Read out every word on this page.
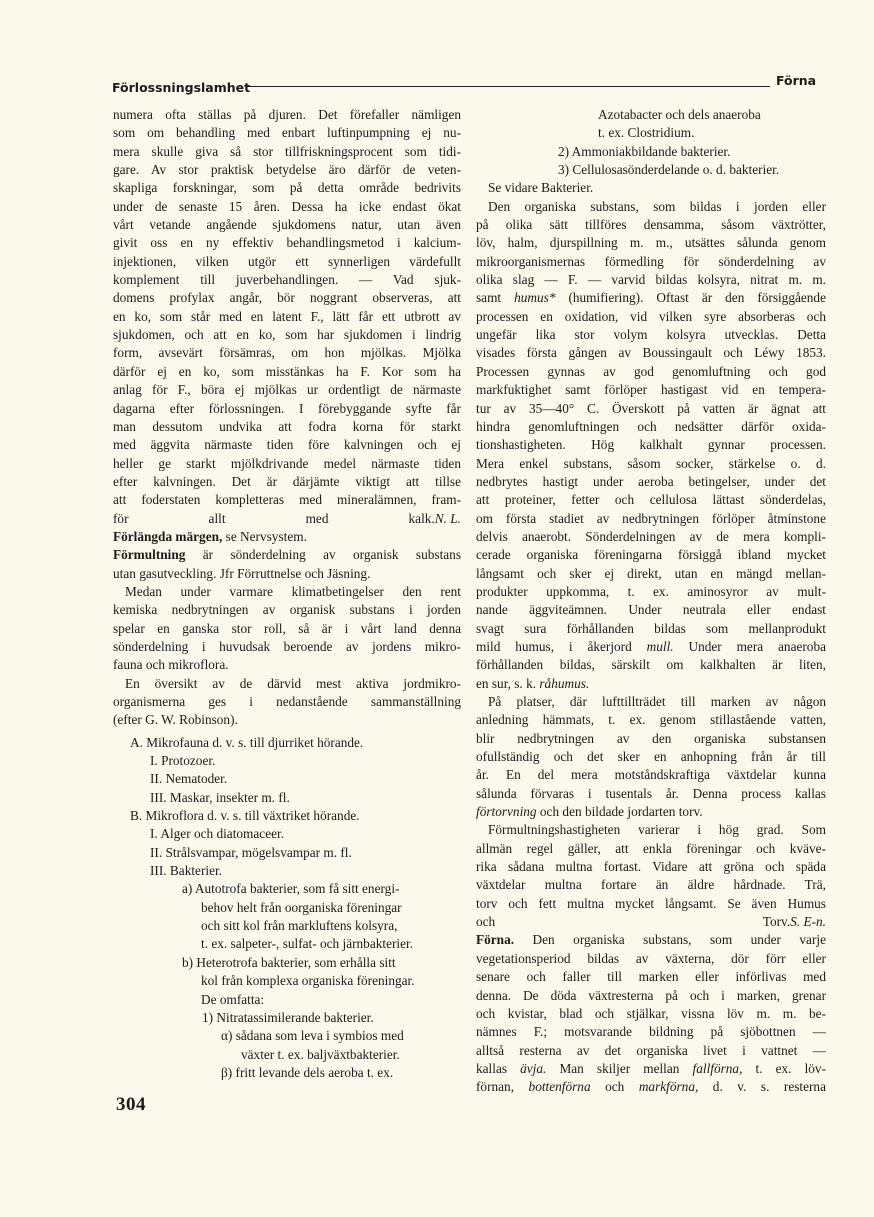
Förlossningslamhet	Förna
numera ofta ställas på djuren. Det förefaller nämligen
som om behandling med enbart luftinpumpning ej nu-
mera skulle giva så stor tillfriskningsprocent som tidi-
gare. Av stor praktisk betydelse äro därför de veten-
skapliga forskningar, som på detta område bedrivits
under de senaste 15 åren. Dessa ha icke endast ökat
vårt vetande angående sjukdomens natur, utan även
givit oss en ny effektiv behandlingsmetod i kalcium-
injektionen, vilken utgör ett synnerligen värdefullt
komplement till juverbehandlingen. — Vad sjuk-
domens profylax angår, bör noggrant observeras, att
en ko, som står med en latent F., lätt får ett utbrott av
sjukdomen, och att en ko, som har sjukdomen i lindrig
form, avsevärt försämras, om hon mjölkas. Mjölka
därför ej en ko, som misstänkas ha F. Kor som ha
anlag för F., böra ej mjölkas ur ordentligt de närmaste
dagarna efter förlossningen. I förebyggande syfte får
man dessutom undvika att fodra korna för starkt
med äggvita närmaste tiden före kalvningen och ej
heller ge starkt mjölkdrivande medel närmaste tiden
efter kalvningen. Det är därjämte viktigt att tillse
att foderstaten kompletteras med mineralämnen, fram-
för allt med kalk. N. L.
Förlängda märgen, se Nervsystem.
Förmultning är sönderdelning av organisk substans
utan gasutveckling. Jfr Förruttnelse och Jäsning.
Medan under varmare klimatbetingelser den rent
kemiska nedbrytningen av organisk substans i jorden
spelar en ganska stor roll, så är i vårt land denna
sönderdelning i huvudsak beroende av jordens mikro-
fauna och mikroflora.
En översikt av de därvid mest aktiva jordmikro-
organismerna ges i nedanstående sammanställning
(efter G. W. Robinson).
A. Mikrofauna d. v. s. till djurriket hörande.
I. Protozoer.
II. Nematoder.
III. Maskar, insekter m. fl.
B. Mikroflora d. v. s. till växtriket hörande.
I. Alger och diatomaceer.
II. Strålsvampar, mögelsvampar m. fl.
III. Bakterier.
a) Autotrofa bakterier, som få sitt energi-
behov helt från oorganiska föreningar
och sitt kol från markluftens kolsyra,
t. ex. salpeter-, sulfat- och järnbakterier.
b) Heterotrofa bakterier, som erhålla sitt
kol från komplexa organiska föreningar.
De omfatta:
1) Nitratassimilerande bakterier.
α) sådana som leva i symbios med
växter t. ex. baljväxtbakterier.
β) fritt levande dels aeroba t. ex.
Azotabacter och dels anaeroba
t. ex. Clostridium.
2) Ammoniakbildande bakterier.
3) Cellulosasönderdelande o. d. bakterier.
Se vidare Bakterier.
Den organiska substans, som bildas i jorden eller
på olika sätt tillföres densamma, såsom växtrötter,
löv, halm, djurspillning m. m., utsättes sålunda genom
mikroorganismernas förmedling för sönderdelning av
olika slag — F. — varvid bildas kolsyra, nitrat m. m.
samt humus* (humifiering). Oftast är den försiggående
processen en oxidation, vid vilken syre absorberas och
ungefär lika stor volym kolsyra utvecklas. Detta
visades första gången av Boussingault och Léwy 1853.
Processen gynnas av god genomluftning och god
markfuktighet samt förlöper hastigast vid en tempera-
tur av 35—40° C. Överskott på vatten är ägnat att
hindra genomluftningen och nedsätter därför oxida-
tionshastigheten. Hög kalkhalt gynnar processen.
Mera enkel substans, såsom socker, stärkelse o. d.
nedbrytes hastigt under aeroba betingelser, under det
att proteiner, fetter och cellulosa lättast sönderdelas,
om första stadiet av nedbrytningen förlöper åtminstone
delvis anaerobt. Sönderdelningen av de mera kompli-
cerade organiska föreningarna försiggå ibland mycket
långsamt och sker ej direkt, utan en mängd mellan-
produkter uppkomma, t. ex. aminosyror av mult-
nande äggviteämnen. Under neutrala eller endast
svagt sura förhållanden bildas som mellanprodukt
mild humus, i åkerjord mull. Under mera anaeroba
förhållanden bildas, särskilt om kalkhalten är liten,
en sur, s. k. råhumus.
På platser, där lufttillträdet till marken av någon
anledning hämmats, t. ex. genom stillastående vatten,
blir nedbrytningen av den organiska substansen
ofullständig och det sker en anhopning från år till
år. En del mera motståndskraftiga växtdelar kunna
sålunda förvaras i tusentals år. Denna process kallas
förtorvning och den bildade jordarten torv.
Förmultningshastigheten varierar i hög grad. Som
allmän regel gäller, att enkla föreningar och kväve-
rika sådana multna fortast. Vidare att gröna och späda
växtdelar multna fortare än äldre hårdnade. Trä,
torv och fett multna mycket långsamt. Se även Humus
och Torv. S. E-n.
Förna. Den organiska substans, som under varje
vegetationsperiod bildas av växterna, dör förr eller
senare och faller till marken eller införlivas med
denna. De döda växtresterna på och i marken, grenar
och kvistar, blad och stjälkar, vissna löv m. m. be-
nämnes F.; motsvarande bildning på sjöbottnen —
alltså resterna av det organiska livet i vattnet —
kallas ävja. Man skiljer mellan fallförna, t. ex. löv-
förnan, bottenförna och markförna, d. v. s. resterna
304
